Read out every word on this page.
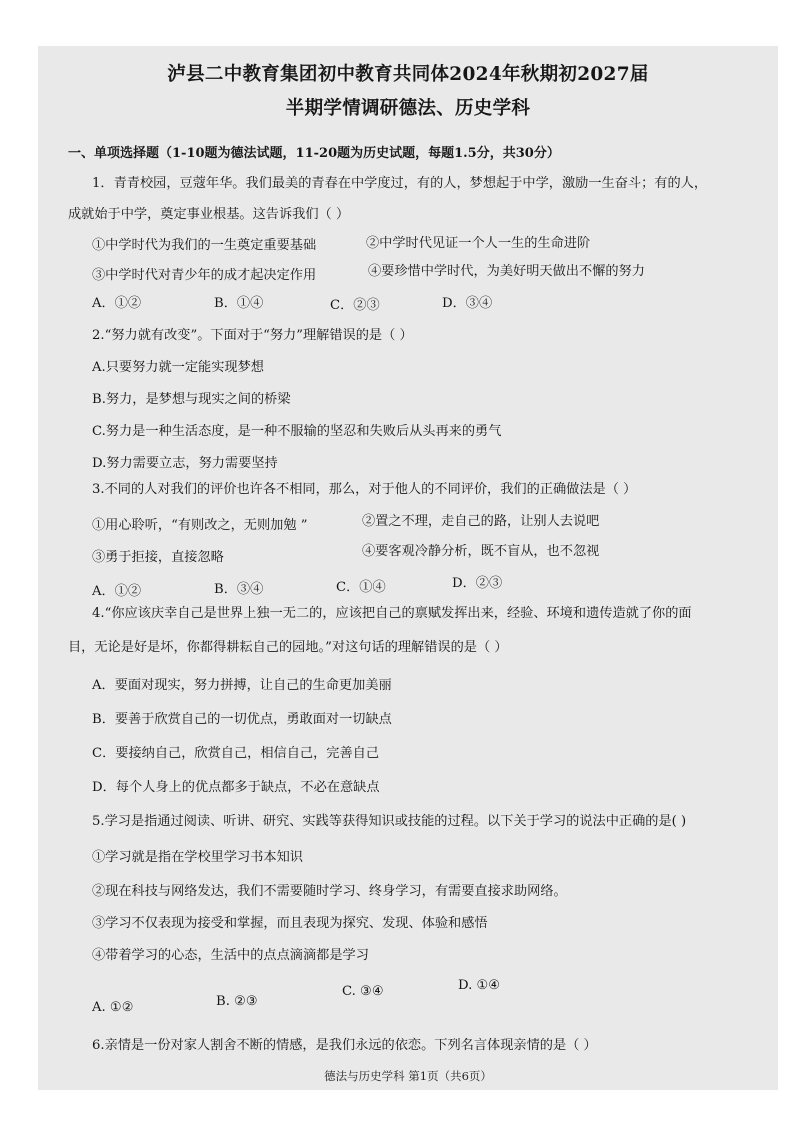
泸县二中教育集团初中教育共同体2024年秋期初2027届
半期学情调研德法、历史学科
一、单项选择题（1-10题为德法试题，11-20题为历史试题，每题1.5分，共30分）
1．青青校园，豆蔻年华。我们最美的青春在中学度过，有的人，梦想起于中学，激励一生奋斗；有的人，
成就始于中学，奠定事业根基。这告诉我们（ ）
①中学时代为我们的一生奠定重要基础	②中学时代见证一个人一生的生命进阶
③中学时代对青少年的成才起决定作用	④要珍惜中学时代，为美好明天做出不懈的努力
A．①②	B．①④	C．②③	D．③④
2.“努力就有改变”。下面对于“努力”理解错误的是（ ）
A.只要努力就一定能实现梦想
B.努力，是梦想与现实之间的桥梁
C.努力是一种生活态度，是一种不服输的坚忍和失败后从头再来的勇气
D.努力需要立志，努力需要坚持
3.不同的人对我们的评价也许各不相同，那么，对于他人的不同评价，我们的正确做法是（ ）
①用心聆听，“有则改之，无则加勉 ”	②置之不理，走自己的路，让别人去说吧
③勇于拒接，直接忽略	④要客观冷静分析，既不盲从，也不忽视
A．①②	B．③④	C．①④	D．②③
4.“你应该庆幸自己是世界上独一无二的，应该把自己的禀赋发挥出来，经验、环境和遗传造就了你的面
目，无论是好是坏，你都得耕耘自己的园地。”对这句话的理解错误的是（ ）
A．要面对现实，努力拼搏，让自己的生命更加美丽
B．要善于欣赏自己的一切优点，勇敢面对一切缺点
C．要接纳自己，欣赏自己，相信自己，完善自己
D．每个人身上的优点都多于缺点，不必在意缺点
5.学习是指通过阅读、听讲、研究、实践等获得知识或技能的过程。以下关于学习的说法中正确的是( )
①学习就是指在学校里学习书本知识
②现在科技与网络发达，我们不需要随时学习、终身学习，有需要直接求助网络。
③学习不仅表现为接受和掌握，而且表现为探究、发现、体验和感悟
④带着学习的心态，生活中的点点滴滴都是学习
A. ①②	B. ②③
C. ③④	D. ①④
6.亲情是一份对家人割舍不断的情感，是我们永远的依恋。下列名言体现亲情的是（ ）
德法与历史学科 第1页（共6页）
